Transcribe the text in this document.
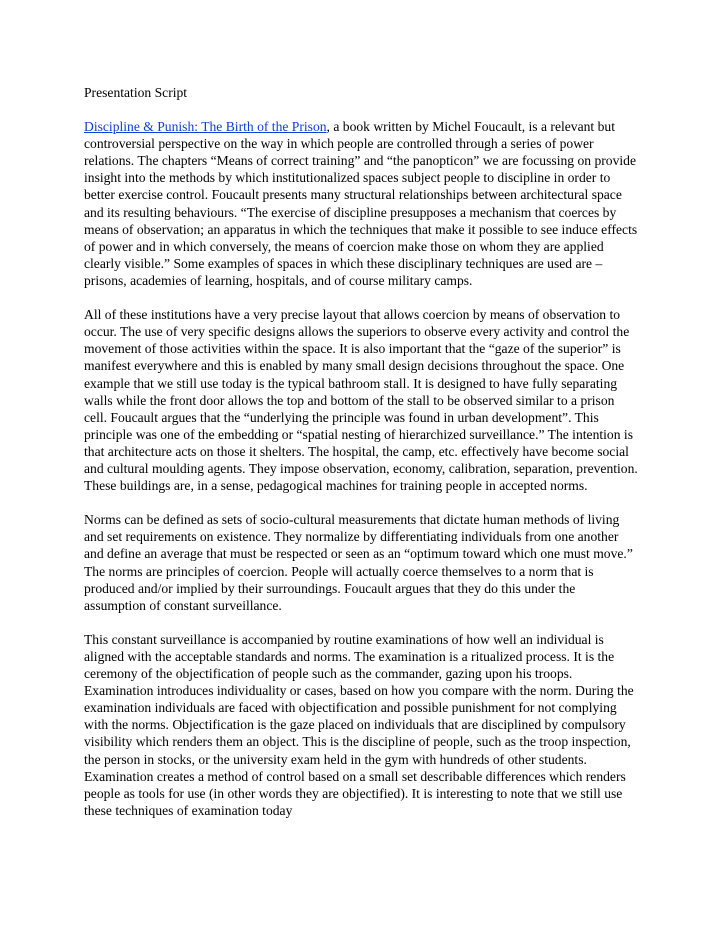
Presentation Script

Discipline & Punish: The Birth of the Prison, a book written by Michel Foucault, is a relevant but controversial perspective on the way in which people are controlled through a series of power relations. The chapters “Means of correct training” and “the panopticon” we are focussing on provide insight into the methods by which institutionalized spaces subject people to discipline in order to better exercise control. Foucault presents many structural relationships between architectural space and its resulting behaviours. “The exercise of discipline presupposes a mechanism that coerces by means of observation; an apparatus in which the techniques that make it possible to see induce effects of power and in which conversely, the means of coercion make those on whom they are applied clearly visible.” Some examples of spaces in which these disciplinary techniques are used are – prisons, academies of learning, hospitals, and of course military camps.

All of these institutions have a very precise layout that allows coercion by means of observation to occur. The use of very specific designs allows the superiors to observe every activity and control the movement of those activities within the space. It is also important that the “gaze of the superior” is manifest everywhere and this is enabled by many small design decisions throughout the space. One example that we still use today is the typical bathroom stall. It is designed to have fully separating walls while the front door allows the top and bottom of the stall to be observed similar to a prison cell. Foucault argues that the “underlying the principle was found in urban development”. This principle was one of the embedding or “spatial nesting of hierarchized surveillance.” The intention is that architecture acts on those it shelters. The hospital, the camp, etc. effectively have become social and cultural moulding agents. They impose observation, economy, calibration, separation, prevention. These buildings are, in a sense, pedagogical machines for training people in accepted norms.

Norms can be defined as sets of socio-cultural measurements that dictate human methods of living and set requirements on existence. They normalize by differentiating individuals from one another and define an average that must be respected or seen as an “optimum toward which one must move.” The norms are principles of coercion. People will actually coerce themselves to a norm that is produced and/or implied by their surroundings. Foucault argues that they do this under the assumption of constant surveillance.

This constant surveillance is accompanied by routine examinations of how well an individual is aligned with the acceptable standards and norms. The examination is a ritualized process. It is the ceremony of the objectification of people such as the commander, gazing upon his troops. Examination introduces individuality or cases, based on how you compare with the norm. During the examination individuals are faced with objectification and possible punishment for not complying with the norms. Objectification is the gaze placed on individuals that are disciplined by compulsory visibility which renders them an object. This is the discipline of people, such as the troop inspection, the person in stocks, or the university exam held in the gym with hundreds of other students. Examination creates a method of control based on a small set describable differences which renders people as tools for use (in other words they are objectified). It is interesting to note that we still use these techniques of examination today
